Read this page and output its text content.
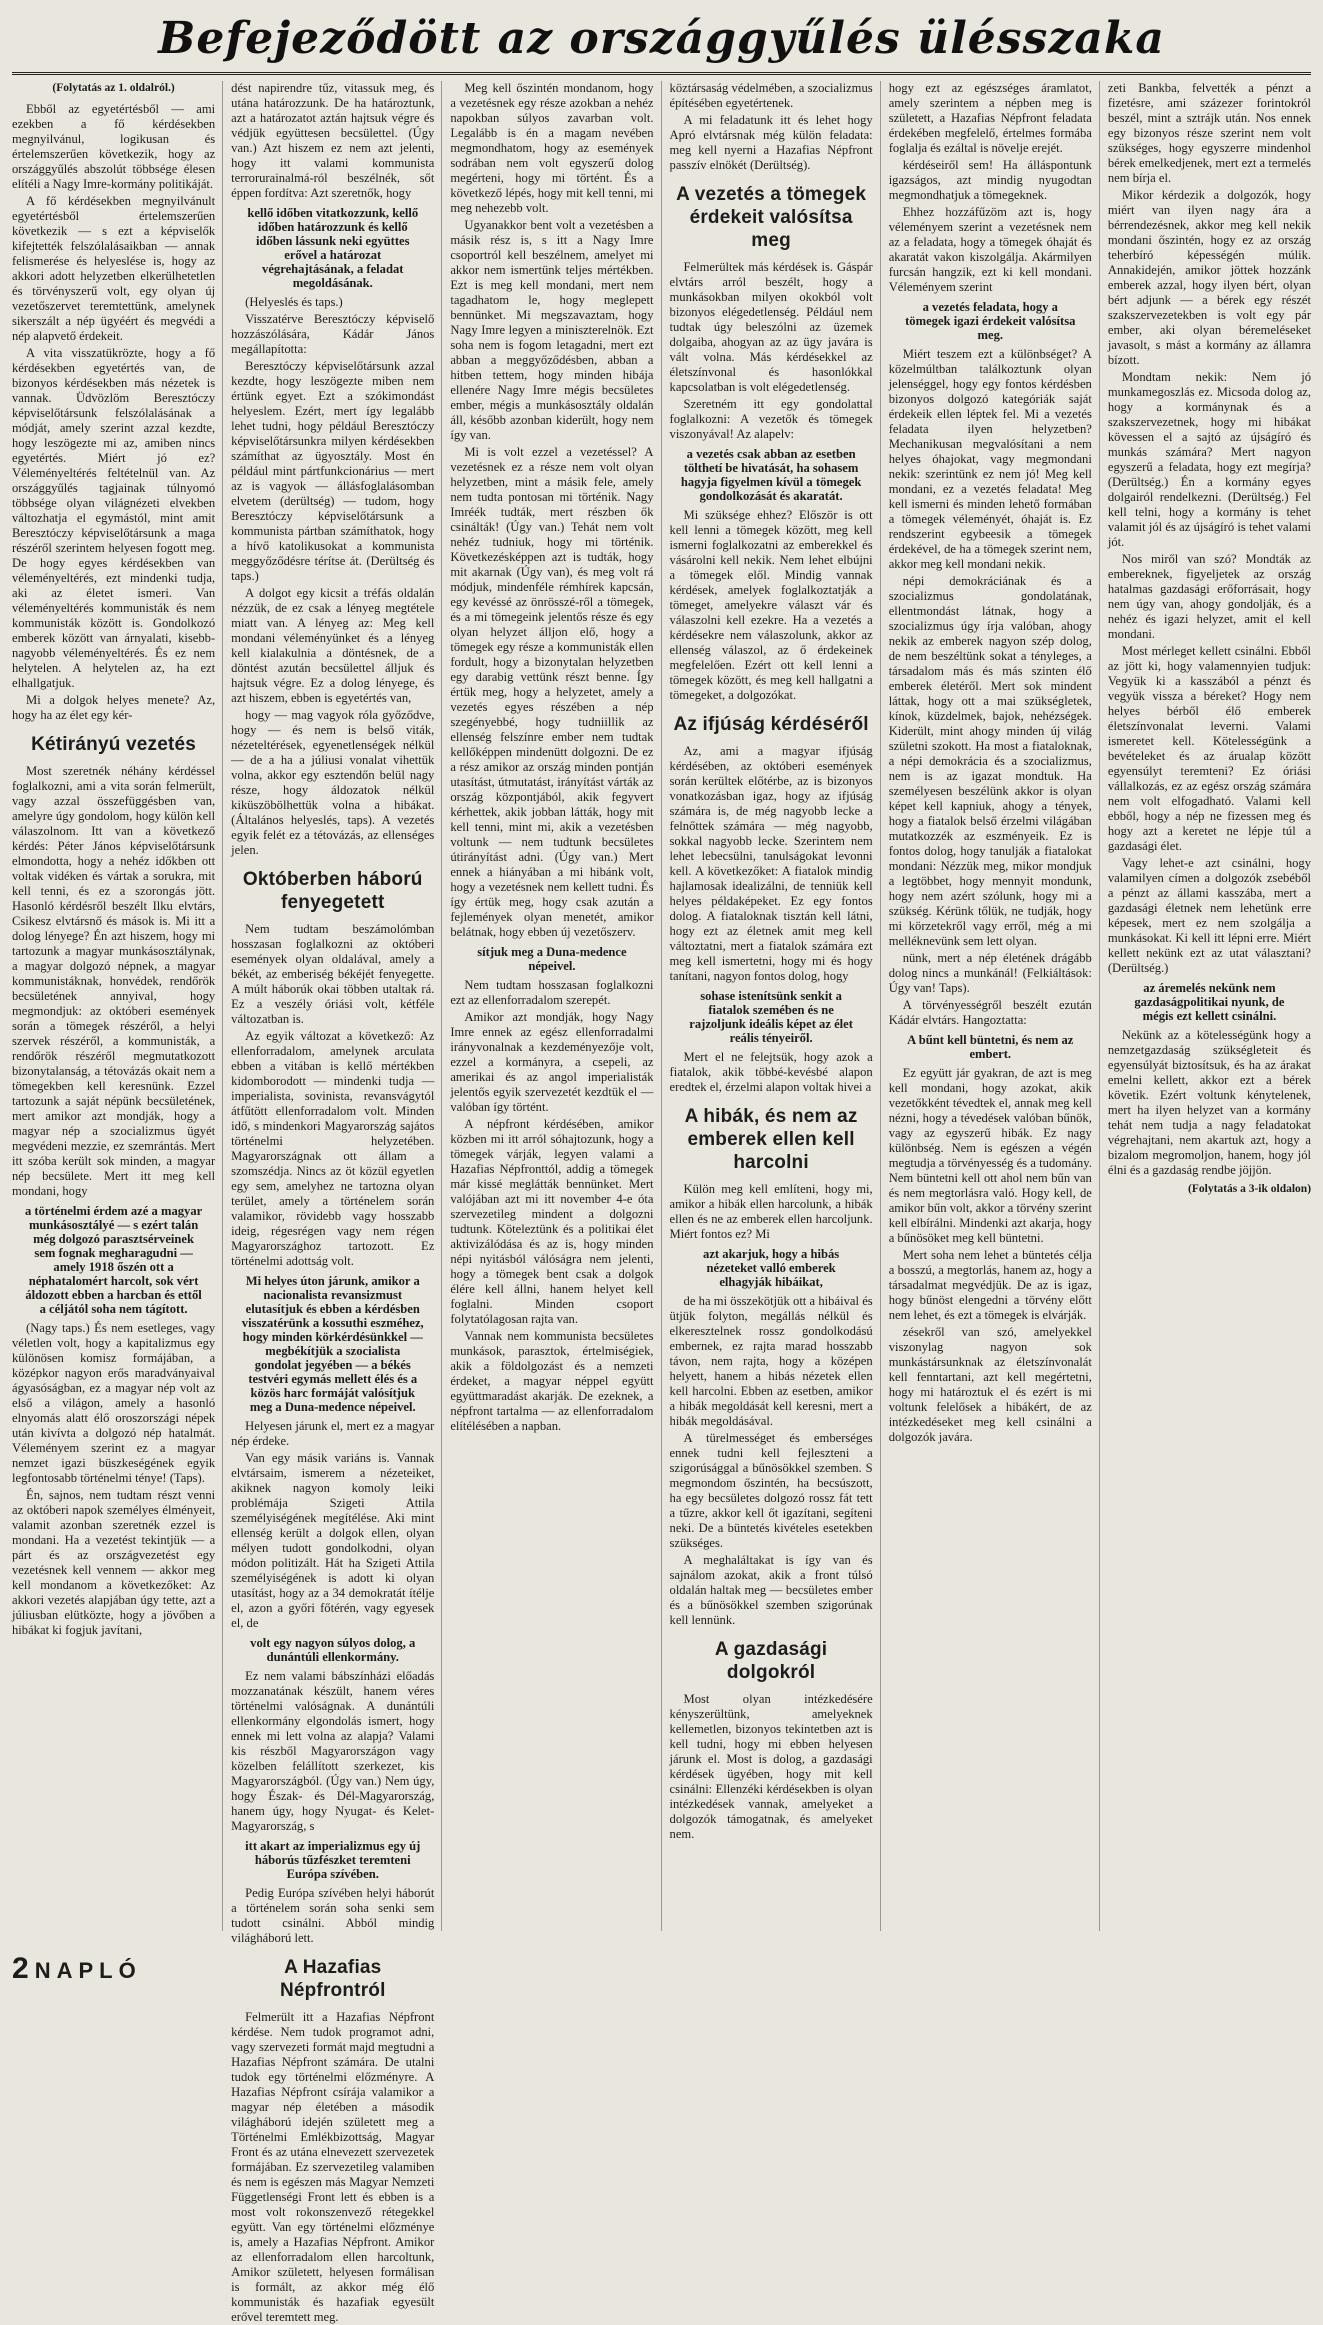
Befejeződött az országgyűlés ülésszaka

(Folytatás az 1. oldalról.)

Ebből az egyetértésből — ami ezekben a fő kérdésekben megnyilvánul, logikusan és értelemszerűen következik, hogy az országgyűlés abszolút többsége élesen elítéli a Nagy Imre-kormány politikáját.

A fő kérdésekben megnyilvánult egyetértésből értelemszerűen következik — s ezt a képviselők kifejtették felszólalásaikban — annak felismerése és helyeslése is, hogy az akkori adott helyzetben elkerülhetetlen és törvényszerű volt, egy olyan új vezetőszervet teremtettünk, amelynek sikerszált a nép ügyéért és megvédi a nép alapvető érdekeit.

A vita visszatükrözte, hogy a fő kérdésekben egyetértés van, de bizonyos kérdésekben más nézetek is vannak. Üdvözlöm Beresztóczy képviselőtársunk felszólalásának a módját, amely szerint azzal kezdte, hogy leszögezte mi az, amiben nincs egyetértés. Miért jó ez? Véleményeltérés feltételnül van. Az országgyűlés tagjainak túlnyomó többsége olyan világnézeti elvekben változhatja el egymástól, mint amit Beresztóczy képviselőtársunk a maga részéről szerintem helyesen fogott meg. De hogy egyes kérdésekben van véleményeltérés, ezt mindenki tudja, aki az életet ismeri. Van véleményeltérés kommunisták és nem kommunisták között is. Gondolkozó emberek között van árnyalati, kisebb-nagyobb véleményeltérés. És ez nem helytelen. A helytelen az, ha ezt elhallgatjuk.

Mi a dolgok helyes menete? Az, hogy ha az élet egy kér-

Kétirányú vezetés

Most szeretnék néhány kérdéssel foglalkozni, ami a vita során felmerült, vagy azzal összefüggésben van, amelyre úgy gondolom, hogy külön kell válaszolnom. Itt van a következő kérdés: Péter János képviselőtársunk elmondotta, hogy a nehéz időkben ott voltak vidéken és vártak a sorukra, mit kell tenni, és ez a szorongás jött. Hasonló kérdésről beszélt Ilku elvtárs, Csikesz elvtársnő és mások is. Mi itt a dolog lényege? Én azt hiszem, hogy mi tartozunk a magyar munkásosztálynak, a magyar dolgozó népnek, a magyar kommunistáknak, honvédek, rendőrök becsületének annyival, hogy megmondjuk: az októberi események során a tömegek részéről, a helyi szervek részéről, a kommunisták, a rendőrök részéről megmutatkozott bizonytalanság, a tétovázás okait nem a tömegekben kell keresnünk. Ezzel tartozunk a saját népünk becsületének, mert amikor azt mondják, hogy a magyar nép a szocializmus ügyét megvédeni mezzie, ez szemrántás. Mert itt szóba került sok minden, a magyar nép becsülete. Mert itt meg kell mondani, hogy

a történelmi érdem azé a magyar munkásosztályé — s ezért talán még dolgozó parasztsérveinek sem fognak megharagudni — amely 1918 őszén ott a néphatalomért harcolt, sok vért áldozott ebben a harcban és ettől a céljától soha nem tágított.

(Nagy taps.) És nem esetleges, vagy véletlen volt, hogy a kapitalizmus egy különösen komisz formájában, a középkor nagyon erős maradványaival ágyasóságban, ez a magyar nép volt az első a világon, amely a hasonló elnyomás alatt élő oroszországi népek után kivívta a dolgozó nép hatalmát. Véleményem szerint ez a magyar nemzet igazi büszkeségének egyik legfontosabb történelmi ténye! (Taps).

Én, sajnos, nem tudtam részt venni az októberi napok személyes élményeit, valamit azonban szeretnék ezzel is mondani. Ha a vezetést tekintjük — a párt és az országvezetést egy vezetésnek kell vennem — akkor meg kell mondanom a következőket: Az akkori vezetés alapjában úgy tette, azt a júliusban elütközte, hogy a jövőben a hibákat ki fogjuk javítani,

dést napirendre tűz, vitassuk meg, és utána határozzunk. De ha határoztunk, azt a határozatot aztán hajtsuk végre és védjük együttesen becsülettel. (Úgy van.) Azt hiszem ez nem azt jelenti, hogy itt valami kommunista terrorurainalmá-ról beszélnék, sőt éppen fordítva: Azt szeretnők, hogy

kellő időben vitatkozzunk, kellő időben határozzunk és kellő időben lássunk neki együttes erővel a határozat végrehajtásának, a feladat megoldásának.

(Helyeslés és taps.)

Visszatérve Beresztóczy képviselő hozzászólására, Kádár János megállapította:

Beresztóczy képviselőtársunk azzal kezdte, hogy leszögezte miben nem értünk egyet. Ezt a szókimondást helyeslem. Ezért, mert így legalább lehet tudni, hogy például Beresztóczy képviselőtársunkra milyen kérdésekben számíthat az ügyosztály. Most én például mint pártfunkcionárius — mert az is vagyok — állásfoglalásomban elvetem (derültség) — tudom, hogy Beresztóczy képviselőtársunk a kommunista pártban számíthatok, hogy a hívő katolikusokat a kommunista meggyőződésre térítse át. (Derültség és taps.)

A dolgot egy kicsit a tréfás oldalán nézzük, de ez csak a lényeg megtétele miatt van. A lényeg az: Meg kell mondani véleményünket és a lényeg kell kialakulnia a döntésnek, de a döntést azután becsülettel álljuk és hajtsuk végre. Ez a dolog lényege, és azt hiszem, ebben is egyetértés van,

hogy — mag vagyok róla győződve, hogy — és nem is belső viták, nézeteltérések, egyenetlenségek nélkül — de a ha a júliusi vonalat vihettük volna, akkor egy esztendőn belül nagy része, hogy áldozatok nélkül kiküszöbölhettük volna a hibákat. (Általános helyeslés, taps). A vezetés egyik felét ez a tétovázás, az ellenséges jelen.

Októberben háború fenyegetett

Nem tudtam beszámolómban hosszasan foglalkozni az októberi események olyan oldalával, amely a békét, az emberiség békéjét fenyegette. A múlt háborúk okai többen utaltak rá. Ez a veszély óriási volt, kétféle változatban is.

Az egyik változat a következő: Az ellenforradalom, amelynek arculata ebben a vitában is kellő mértékben kidomborodott — mindenki tudja — imperialista, sovinista, revansvágytól átfűtött ellenforradalom volt. Minden idő, s mindenkori Magyarország sajátos történelmi helyzetében. Magyarországnak ott állam a szomszédja. Nincs az öt közül egyetlen egy sem, amelyhez ne tartozna olyan terület, amely a történelem során valamikor, rövidebb vagy hosszabb ideig, régesrégen vagy nem régen Magyarországhoz tartozott. Ez történelmi adottság volt.

Mi helyes úton járunk, amikor a nacionalista revansizmust elutasítjuk és ebben a kérdésben visszatérünk a kossuthi eszméhez, hogy minden körkérdésünkkel — megbékítjük a szocialista gondolat jegyében — a békés testvéri egymás mellett élés és a közös harc formáját valósítjuk meg a Duna-medence népeivel.

Helyesen járunk el, mert ez a magyar nép érdeke.

Van egy másik variáns is. Vannak elvtársaim, ismerem a nézeteiket, akiknek nagyon komoly leiki problémája Szigeti Attila személyiségének megítélése. Aki mint ellenség került a dolgok ellen, olyan mélyen tudott gondolkodni, olyan módon politizált. Hát ha Szigeti Attila személyiségének is adott ki olyan utasítást, hogy az a 34 demokratát ítélje el, azon a győri főtérén, vagy egyesek el, de

volt egy nagyon súlyos dolog, a dunántúli ellenkormány.

Ez nem valami bábszínházi előadás mozzanatának készült, hanem véres történelmi valóságnak. A dunántúli ellenkormány elgondolás ismert, hogy ennek mi lett volna az alapja? Valami kis részből Magyarországon vagy közelben felállított szerkezet, kis Magyarországból. (Úgy van.) Nem úgy, hogy Észak- és Dél-Magyarország, hanem úgy, hogy Nyugat- és Kelet-Magyarország, s

itt akart az imperializmus egy új háborús tűzfészket teremteni Európa szívében.

Pedig Európa szívében helyi háborút a történelem során soha senki sem tudott csinálni. Abból mindig világháború lett.

A Hazafias Népfrontról

Felmerült itt a Hazafias Népfront kérdése. Nem tudok programot adni, vagy szervezeti formát majd megtudni a Hazafias Népfront számára. De utalni tudok egy történelmi előzményre. A Hazafias Népfront csírája valamikor a magyar nép életében a második világháború idején született meg a Történelmi Emlékbizottság, Magyar Front és az utána elnevezett szervezetek formájában. Ez szervezetileg valamiben és nem is egészen más Magyar Nemzeti Függetlenségi Front lett és ebben is a most volt rokonszenvező rétegekkel együtt. Van egy történelmi előzménye is, amely a Hazafias Népfront. Amikor az ellenforradalom ellen harcoltunk, Amikor született, helyesen formálisan is formált, az akkor még élő kommunisták és hazafiak egyesült erővel teremtett meg.

Meg kell őszintén mondanom, hogy a vezetésnek egy része azokban a nehéz napokban súlyos zavarban volt. Legalább is én a magam nevében megmondhatom, hogy az események sodrában nem volt egyszerű dolog megérteni, hogy mi történt. És a következő lépés, hogy mit kell tenni, mi meg nehezebb volt.

Ugyanakkor bent volt a vezetésben a másik rész is, s itt a Nagy Imre csoportról kell beszélnem, amelyet mi akkor nem ismertünk teljes mértékben. Ezt is meg kell mondani, mert nem tagadhatom le, hogy meglepett bennünket. Mi megszavaztam, hogy Nagy Imre legyen a miniszterelnök. Ezt soha nem is fogom letagadni, mert ezt abban a meggyőződésben, abban a hitben tettem, hogy minden hibája ellenére Nagy Imre mégis becsületes ember, mégis a munkásosztály oldalán áll, később azonban kiderült, hogy nem így van.

Mi is volt ezzel a vezetéssel? A vezetésnek ez a része nem volt olyan helyzetben, mint a másik fele, amely nem tudta pontosan mi történik. Nagy Imréék tudták, mert részben ők csinálták! (Úgy van.) Tehát nem volt nehéz tudniuk, hogy mi történik. Következésképpen azt is tudták, hogy mit akarnak (Úgy van), és meg volt rá módjuk, mindenféle rémhírek kapcsán, egy kevéssé az önrösszé-ről a tömegek, és a mi tömegeink jelentős része és egy olyan helyzet álljon elő, hogy a tömegek egy része a kommunisták ellen fordult, hogy a bizonytalan helyzetben egy darabig vettünk részt benne. Így értük meg, hogy a helyzetet, amely a vezetés egyes részében a nép szegényebbé, hogy tudniillik az ellenség felszínre ember nem tudtak kellőképpen mindenütt dolgozni. De ez a rész amikor az ország minden pontján utasítást, útmutatást, irányítást várták az ország központjából, akik fegyvert kérhettek, akik jobban látták, hogy mit kell tenni, mint mi, akik a vezetésben voltunk — nem tudtunk becsületes útirányítást adni. (Úgy van.) Mert ennek a hiányában a mi hibánk volt, hogy a vezetésnek nem kellett tudni. És így értük meg, hogy csak azután a fejlemények olyan menetét, amikor belátnak, hogy ebben új vezetőszerv.

sítjuk meg a Duna-medence népeivel.

Nem tudtam hosszasan foglalkozni ezt az ellenforradalom szerepét.

Amikor azt mondják, hogy Nagy Imre ennek az egész ellenforradalmi irányvonalnak a kezdeményezője volt, ezzel a kormányra, a csepeli, az amerikai és az angol imperialisták jelentős egyik szervezetét kezdtük el — valóban így történt.

A népfront kérdésében, amikor közben mi itt arról sóhajtozunk, hogy a tömegek várják, legyen valami a Hazafias Népfronttól, addig a tömegek már kissé meglátták bennünket. Mert valójában azt mi itt november 4-e óta szervezetileg mindent a dolgozni tudtunk. Köteleztünk és a politikai élet aktivizálódása és az is, hogy minden népi nyitásból válóságra nem jelenti, hogy a tömegek bent csak a dolgok élére kell állni, hanem helyet kell foglalni. Minden csoport folytatólagosan rajta van.

Vannak nem kommunista becsületes munkások, parasztok, értelmiségiek, akik a földolgozást és a nemzeti érdeket, a magyar néppel együtt együttmaradást akarják. De ezeknek, a népfront tartalma — az ellenforradalom elítélésében a napban.

köztársaság védelmében, a szocializmus építésében egyetértenek.

A mi feladatunk itt és lehet hogy Apró elvtársnak még külön feladata: meg kell nyerni a Hazafias Népfront passzív elnökét (Derültség).

A vezetés a tömegek érdekeit valósítsa meg

Felmerültek más kérdések is. Gáspár elvtárs arról beszélt, hogy a munkásokban milyen okokból volt bizonyos elégedetlenség. Például nem tudtak úgy beleszólni az üzemek dolgaiba, ahogyan az az ügy javára is vált volna. Más kérdésekkel az életszínvonal és hasonlókkal kapcsolatban is volt elégedetlenség.

Szeretném itt egy gondolattal foglalkozni: A vezetők és tömegek viszonyával! Az alapelv:

a vezetés csak abban az esetben tölthetí be hivatását, ha sohasem hagyja figyelmen kívül a tömegek gondolkozását és akaratát.

Mi szüksége ehhez? Először is ott kell lenni a tömegek között, meg kell ismerni foglalkozatni az emberekkel és vásárolni kell nekik. Nem lehet elbújni a tömegek elől. Mindig vannak kérdések, amelyek foglalkoztatják a tömeget, amelyekre választ vár és válaszolni kell ezekre. Ha a vezetés a kérdésekre nem válaszolunk, akkor az ellenség válaszol, az ő érdekeinek megfelelően. Ezért ott kell lenni a tömegek között, és meg kell hallgatni a tömegeket, a dolgozókat.

Az ifjúság kérdéséről

Az, ami a magyar ifjúság kérdésében, az októberi események során kerültek előtérbe, az is bizonyos vonatkozásban igaz, hogy az ifjúság számára is, de még nagyobb lecke a felnőttek számára — még nagyobb, sokkal nagyobb lecke. Szerintem nem lehet lebecsülni, tanulságokat levonni kell. A következőket: A fiatalok mindig hajlamosak idealizálni, de tenniük kell helyes példaképeket. Ez egy fontos dolog. A fiataloknak tisztán kell látni, hogy ezt az életnek amit meg kell változtatni, mert a fiatalok számára ezt meg kell ismertetni, hogy mi és hogy tanítani, nagyon fontos dolog, hogy

sohase istenítsünk senkit a fiatalok szemében és ne rajzoljunk ideális képet az élet reális tényeiről.

Mert el ne felejtsük, hogy azok a fiatalok, akik többé-kevésbé alapon eredtek el, érzelmi alapon voltak hivei a

A hibák, és nem az emberek ellen kell harcolni

Külön meg kell említeni, hogy mi, amikor a hibák ellen harcolunk, a hibák ellen és ne az emberek ellen harcoljunk. Miért fontos ez? Mi

azt akarjuk, hogy a hibás nézeteket valló emberek elhagyják hibáikat,

de ha mi összekötjük ott a hibáival és ütjük folyton, megállás nélkül és elkeresztelnek rossz gondolkodású embernek, ez rajta marad hosszabb távon, nem rajta, hogy a középen helyett, hanem a hibás nézetek ellen kell harcolni. Ebben az esetben, amikor a hibák megoldását kell keresni, mert a hibák megoldásával.

A türelmességet és emberséges ennek tudni kell fejleszteni a szigorúsággal a bűnösökkel szemben. S megmondom őszintén, ha becsúszott, ha egy becsületes dolgozó rossz fát tett a tűzre, akkor kell őt igazítani, segíteni neki. De a büntetés kivételes esetekben szükséges.

A meghaláltakat is így van és sajnálom azokat, akik a front túlsó oldalán haltak meg — becsületes ember és a bűnösökkel szemben szigorúnak kell lennünk.

A gazdasági dolgokról

Most olyan intézkedésére kényszerültünk, amelyeknek kellemetlen, bizonyos tekintetben azt is kell tudni, hogy mi ebben helyesen járunk el. Most is dolog, a gazdasági kérdések ügyében, hogy mit kell csinálni: Ellenzéki kérdésekben is olyan intézkedések vannak, amelyeket a dolgozók támogatnak, és amelyeket nem.

hogy ezt az egészséges áramlatot, amely szerintem a népben meg is született, a Hazafias Népfront feladata érdekében megfelelő, értelmes formába foglalja és ezáltal is növelje erejét.

kérdéseiről sem! Ha álláspontunk igazságos, azt mindig nyugodtan megmondhatjuk a tömegeknek.

Ehhez hozzáfűzöm azt is, hogy véleményem szerint a vezetésnek nem az a feladata, hogy a tömegek óhaját és akaratát vakon kiszolgálja. Akármilyen furcsán hangzik, ezt ki kell mondani. Véleményem szerint

a vezetés feladata, hogy a tömegek igazi érdekeit valósítsa meg.

Miért teszem ezt a különbséget? A közelmúltban találkoztunk olyan jelenséggel, hogy egy fontos kérdésben bizonyos dolgozó kategóriák saját érdekeik ellen léptek fel. Mi a vezetés feladata ilyen helyzetben? Mechanikusan megvalósítani a nem helyes óhajokat, vagy megmondani nekik: szerintünk ez nem jó! Meg kell mondani, ez a vezetés feladata! Meg kell ismerni és minden lehető formában a tömegek véleményét, óhaját is. Ez rendszerint egybeesik a tömegek érdekével, de ha a tömegek szerint nem, akkor meg kell mondani nekik.

népi demokráciának és a szocializmus gondolatának, ellentmondást látnak, hogy a szocializmus úgy írja valóban, ahogy nekik az emberek nagyon szép dolog, de nem beszéltünk sokat a tényleges, a társadalom más és más szinten élő emberek életéről. Mert sok mindent láttak, hogy ott a mai szükségletek, kínok, küzdelmek, bajok, nehézségek. Kiderült, mint ahogy minden új világ születni szokott. Ha most a fiataloknak, a népi demokrácia és a szocializmus, nem is az igazat mondtuk. Ha személyesen beszélünk akkor is olyan képet kell kapniuk, ahogy a tények, hogy a fiatalok belső érzelmi világában mutatkozzék az eszményeik. Ez is fontos dolog, hogy tanulják a fiatalokat mondani: Nézzük meg, mikor mondjuk a legtöbbet, hogy mennyit mondunk, hogy nem azért szólunk, hogy mi a szükség. Kérünk tőlük, ne tudják, hogy mi körzetekről vagy erről, még a mi melléknevünk sem lett olyan.

nünk, mert a nép életének drágább dolog nincs a munkánál! (Felkiáltások: Úgy van! Taps).

A törvényességről beszélt ezután Kádár elvtárs. Hangoztatta:

A bűnt kell büntetni, és nem az embert.

Ez együtt jár gyakran, de azt is meg kell mondani, hogy azokat, akik vezetőkként tévedtek el, annak meg kell nézni, hogy a tévedések valóban bűnök, vagy az egyszerű hibák. Ez nagy különbség. Nem is egészen a végén megtudja a törvényesség és a tudomány. Nem büntetni kell ott ahol nem bűn van és nem megtorlásra való. Hogy kell, de amikor bűn volt, akkor a törvény szerint kell elbírálni. Mindenki azt akarja, hogy a bűnösöket meg kell büntetni.

Mert soha nem lehet a büntetés célja a bosszú, a megtorlás, hanem az, hogy a társadalmat megvédjük. De az is igaz, hogy bűnöst elengedni a törvény előtt nem lehet, és ezt a tömegek is elvárják.

zésekről van szó, amelyekkel viszonylag nagyon sok munkástársunknak az életszínvonalát kell fenntartani, azt kell megértetni, hogy mi határoztuk el és ezért is mi voltunk felelősek a hibákért, de az intézkedéseket meg kell csinálni a dolgozók javára.

zeti Bankba, felvették a pénzt a fizetésre, ami százezer forintokról beszél, mint a sztrájk után. Nos ennek egy bizonyos része szerint nem volt szükséges, hogy egyszerre mindenhol bérek emelkedjenek, mert ezt a termelés nem bírja el.

Mikor kérdezik a dolgozók, hogy miért van ilyen nagy ára a bérrendezésnek, akkor meg kell nekik mondani őszintén, hogy ez az ország teherbíró képességén múlik. Annakidején, amikor jöttek hozzánk emberek azzal, hogy ilyen bért, olyan bért adjunk — a bérek egy részét szakszervezetekben is volt egy pár ember, aki olyan béremeléseket javasolt, s mást a kormány az államra bízott.

Mondtam nekik: Nem jó munkamegoszlás ez. Micsoda dolog az, hogy a kormánynak és a szakszervezetnek, hogy mi hibákat kövessen el a sajtó az újságíró és munkás számára? Mert nagyon egyszerű a feladata, hogy ezt megírja? (Derültség.) Én a kormány egyes dolgairól rendelkezni. (Derültség.) Fel kell telni, hogy a kormány is tehet valamit jól és az újságíró is tehet valami jót.

Nos miről van szó? Mondták az embereknek, figyeljetek az ország hatalmas gazdasági erőforrásait, hogy nem úgy van, ahogy gondolják, és a nehéz és igazi helyzet, amit el kell mondani.

Most mérleget kellett csinálni. Ebből az jött ki, hogy valamennyien tudjuk: Vegyük ki a kasszából a pénzt és vegyük vissza a béreket? Hogy nem helyes bérből élő emberek életszínvonalat leverni. Valami ismeretet kell. Kötelességünk a bevételeket és az árualap között egyensúlyt teremteni? Ez óriási vállalkozás, ez az egész ország számára nem volt elfogadható. Valami kell ebből, hogy a nép ne fizessen meg és hogy azt a keretet ne lépje túl a gazdasági élet.

Vagy lehet-e azt csinálni, hogy valamilyen címen a dolgozók zsebéből a pénzt az állami kasszába, mert a gazdasági életnek nem lehetünk erre képesek, mert ez nem szolgálja a munkásokat. Ki kell itt lépni erre. Miért kellett nekünk ezt az utat választani? (Derültség.)

az áremelés nekünk nem gazdaságpolitikai nyunk, de mégis ezt kellett csinálni.

Nekünk az a kötelességünk hogy a nemzetgazdaság szükségleteit és egyensúlyát biztosítsuk, és ha az árakat emelni kellett, akkor ezt a bérek követik. Ezért voltunk kénytelenek, mert ha ilyen helyzet van a kormány tehát nem tudja a nagy feladatokat végrehajtani, nem akartuk azt, hogy a bizalom megromoljon, hanem, hogy jól élni és a gazdaság rendbe jöjjön.

(Folytatás a 3-ik oldalon)

2 NAPLÓ
